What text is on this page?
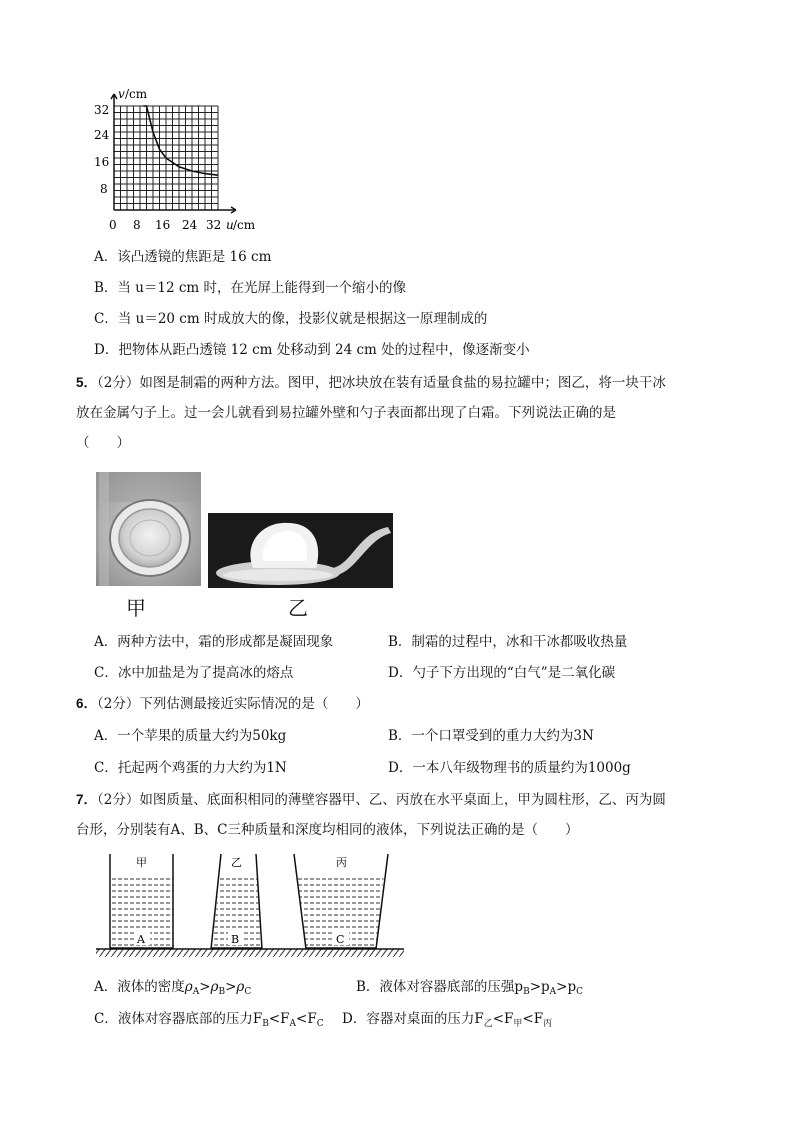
v /cm
u /cm
32
24
16
8
0 8 16 24 32
A．该凸透镜的焦距是 16 cm
B．当 u＝12 cm 时，在光屏上能得到一个缩小的像
C．当 u＝20 cm 时成放大的像，投影仪就是根据这一原理制成的
D．把物体从距凸透镜 12 cm 处移动到 24 cm 处的过程中，像逐渐变小
5．（2分）如图是制霜的两种方法。图甲，把冰块放在装有适量食盐的易拉罐中；图乙，将一块干冰
放在金属勺子上。过一会儿就看到易拉罐外壁和勺子表面都出现了白霜。下列说法正确的是
（　　）
甲	乙
A．两种方法中，霜的形成都是凝固现象	B．制霜的过程中，冰和干冰都吸收热量
C．冰中加盐是为了提高冰的熔点	D．勺子下方出现的“白气”是二氧化碳
6．（2分）下列估测最接近实际情况的是（　　）
A．一个苹果的质量大约为50kg	B．一个口罩受到的重力大约为3N
C．托起两个鸡蛋的力大约为1N	D．一本八年级物理书的质量约为1000g
7．（2分）如图质量、底面积相同的薄壁容器甲、乙、丙放在水平桌面上，甲为圆柱形，乙、丙为圆
台形，分别装有A、B、C三种质量和深度均相同的液体，下列说法正确的是（　　）
甲	乙	丙
A	B	C
A．液体的密度$\rho_A>\rho_B>\rho_C$	B．液体对容器底部的压强$p_B>p_A>p_C$
C．液体对容器底部的压力$F_B<F_A<F_C$ D．容器对桌面的压力$F_乙<F_甲<F_丙$
